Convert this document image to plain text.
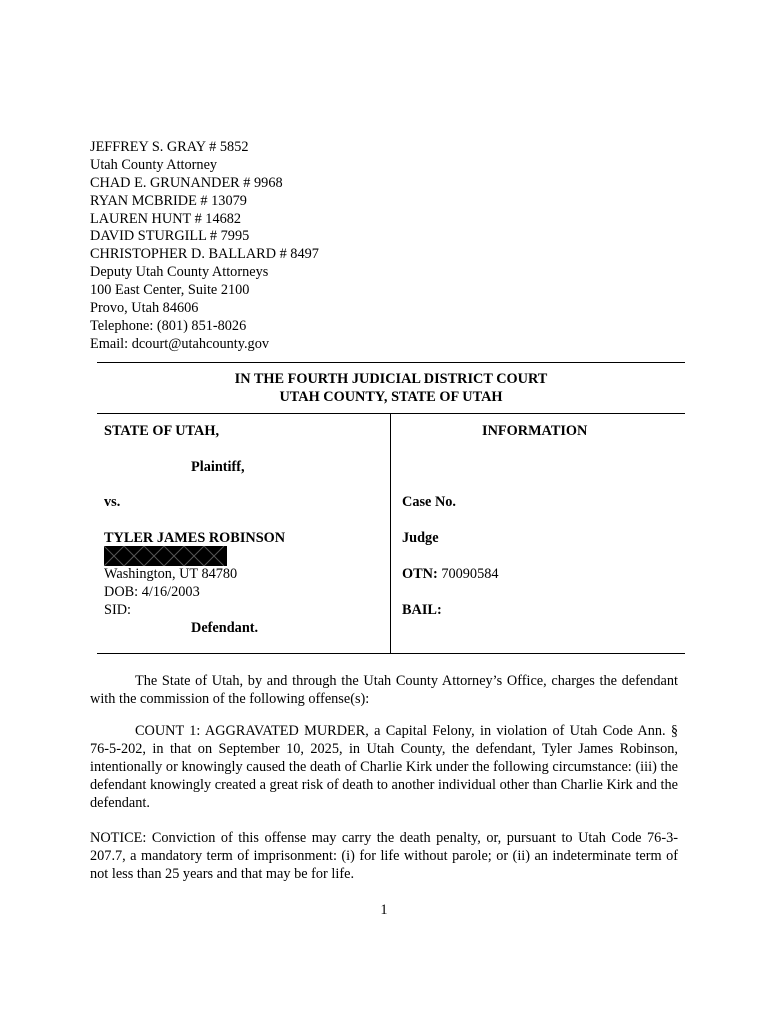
JEFFREY S. GRAY # 5852
Utah County Attorney
CHAD E. GRUNANDER # 9968
RYAN MCBRIDE # 13079
LAUREN HUNT # 14682
DAVID STURGILL # 7995
CHRISTOPHER D. BALLARD # 8497
Deputy Utah County Attorneys
100 East Center, Suite 2100
Provo, Utah 84606
Telephone: (801) 851-8026
Email: dcourt@utahcounty.gov
IN THE FOURTH JUDICIAL DISTRICT COURT
UTAH COUNTY, STATE OF UTAH
STATE OF UTAH,
Plaintiff,
vs.
TYLER JAMES ROBINSON
Washington, UT 84780
DOB: 4/16/2003
SID:
Defendant.
INFORMATION
Case No.
Judge
OTN: 70090584
BAIL:
The State of Utah, by and through the Utah County Attorney’s Office, charges the defendant with the commission of the following offense(s):
COUNT 1: AGGRAVATED MURDER, a Capital Felony, in violation of Utah Code Ann. § 76-5-202, in that on September 10, 2025, in Utah County, the defendant, Tyler James Robinson, intentionally or knowingly caused the death of Charlie Kirk under the following circumstance: (iii) the defendant knowingly created a great risk of death to another individual other than Charlie Kirk and the defendant.
NOTICE: Conviction of this offense may carry the death penalty, or, pursuant to Utah Code 76-3-207.7, a mandatory term of imprisonment: (i) for life without parole; or (ii) an indeterminate term of not less than 25 years and that may be for life.
1
